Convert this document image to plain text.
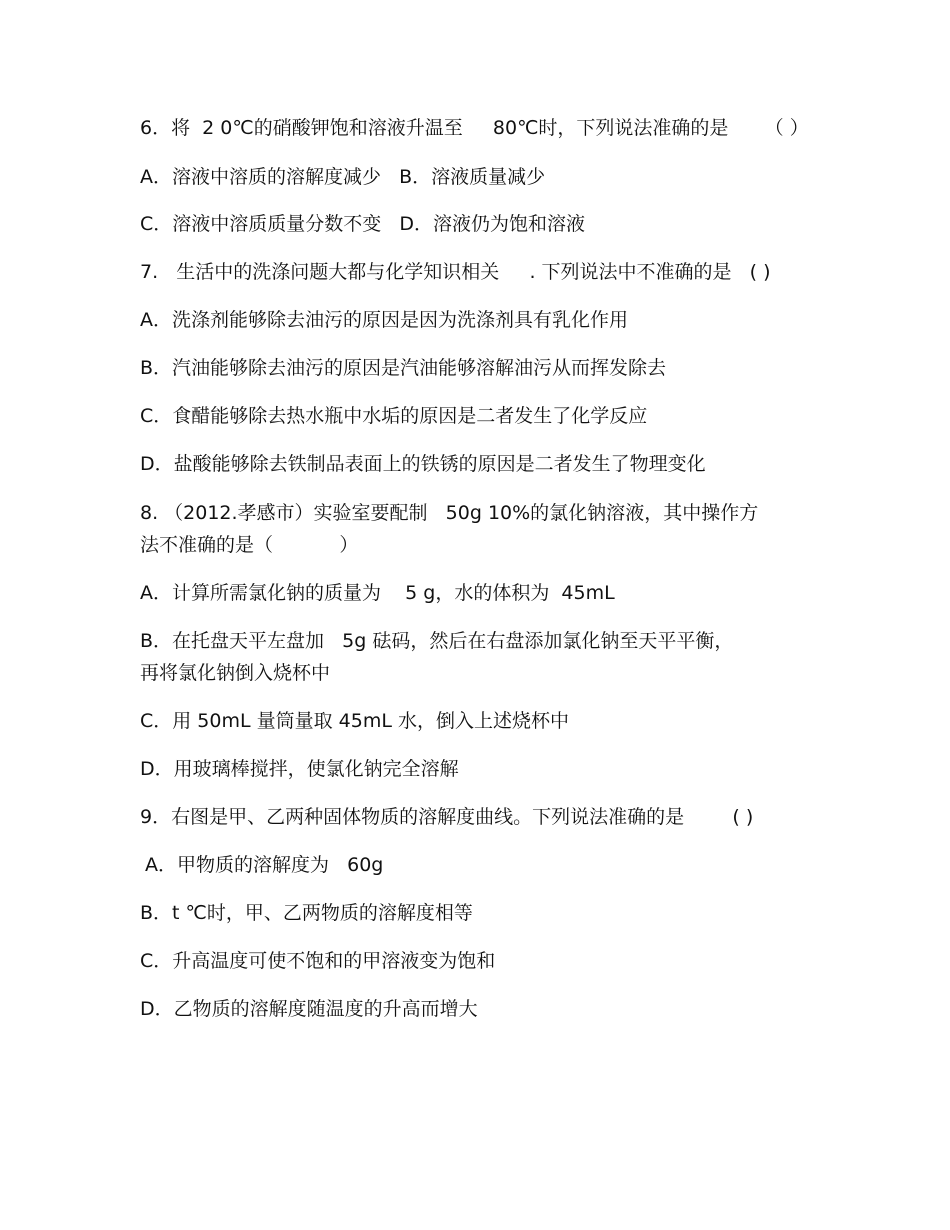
6．将  2 0℃的硝酸钾饱和溶液升温至     80℃时，下列说法准确的是      （ ）

A．溶液中溶质的溶解度减少   B．溶液质量减少

C．溶液中溶质质量分数不变   D．溶液仍为饱和溶液

7.   生活中的洗涤问题大都与化学知识相关     . 下列说法中不准确的是   ( )

A．洗涤剂能够除去油污的原因是因为洗涤剂具有乳化作用

B．汽油能够除去油污的原因是汽油能够溶解油污从而挥发除去

C．食醋能够除去热水瓶中水垢的原因是二者发生了化学反应

D．盐酸能够除去铁制品表面上的铁锈的原因是二者发生了物理变化

8. （2012.孝感市）实验室要配制   50g 10%的氯化钠溶液，其中操作方

法不准确的是（           ）

A．计算所需氯化钠的质量为    5 g，水的体积为  45mL

B．在托盘天平左盘加   5g 砝码，然后在右盘添加氯化钠至天平平衡，

再将氯化钠倒入烧杯中

C．用 50mL 量筒量取 45mL 水，倒入上述烧杯中

D．用玻璃棒搅拌，使氯化钠完全溶解

9．右图是甲、乙两种固体物质的溶解度曲线。下列说法准确的是        ( )

A．甲物质的溶解度为   60g

B．t ℃时，甲、乙两物质的溶解度相等

C．升高温度可使不饱和的甲溶液变为饱和

D．乙物质的溶解度随温度的升高而增大
